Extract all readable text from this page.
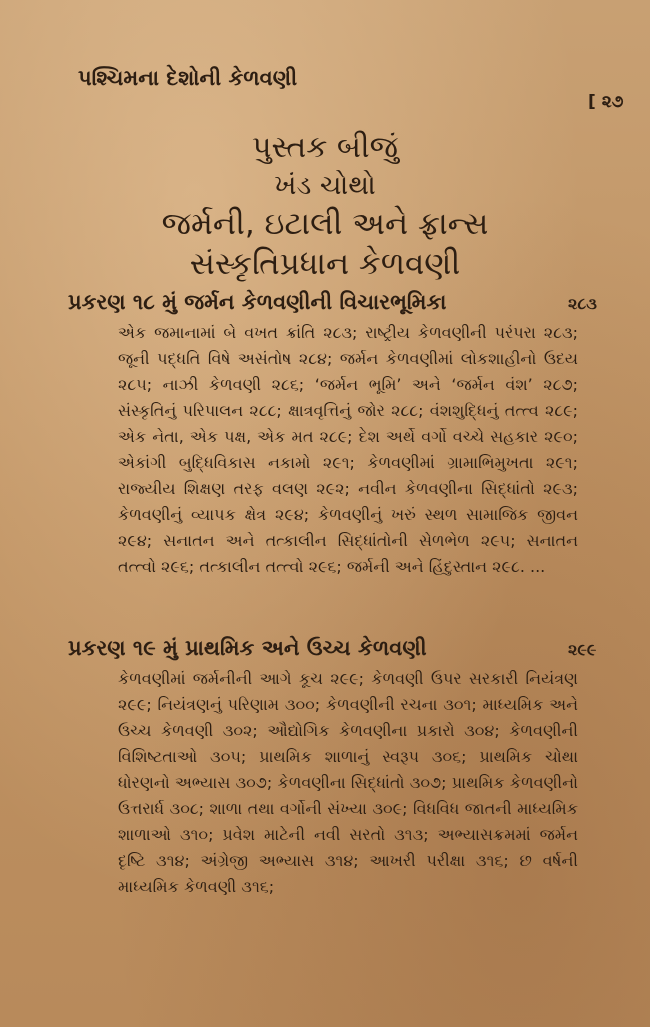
પશ્ચિમના દેશોની કેળવણી
[ ૨૭
પુસ્તક બીજું
ખંડ ચોથો
જર્મની, ઇટાલી અને ફ્રાન્સ
સંસ્કૃતિપ્રધાન કેળવણી
પ્રકરણ ૧૮ મું જર્મન કેળવણીની વિચારભૂમિકા	૨૮૩

એક જમાનામાં બે વખત ક્રાંતિ ૨૮૩; રાષ્ટ્રીય કેળવણીની પરંપરા ૨૮૩; જૂની પદ્ધતિ વિષે અસંતોષ ૨૮૪; જર્મન કેળવણીમાં લોકશાહીનો ઉદય ૨૮૫; નાઝી કેળવણી ૨૮૬; ‘જર્મન ભૂમિ’ અને ‘જર્મન વંશ’ ૨૮૭; સંસ્કૃતિનું પરિપાલન ૨૮૮; ક્ષાત્રવૃત્તિનું જોર ૨૮૮; વંશશુદ્ધિનું તત્ત્વ ૨૮૯; એક નેતા, એક પક્ષ, એક મત ૨૮૯; દેશ અર્થે વર્ગો વચ્ચે સહકાર ૨૯૦; એકાંગી બુદ્ધિવિકાસ નકામો ૨૯૧; કેળવણીમાં ગ્રામાભિમુખતા ૨૯૧; રાજ્યીય શિક્ષણ તરફ વલણ ૨૯૨; નવીન કેળવણીના સિદ્ધાંતો ૨૯૩; કેળવણીનું વ્યાપક ક્ષેત્ર ૨૯૪; કેળવણીનું ખરું સ્થળ સામાજિક જીવન ૨૯૪; સનાતન અને તત્કાલીન સિદ્ધાંતોની સેળભેળ ૨૯૫; સનાતન તત્ત્વો ૨૯૬; તત્કાલીન તત્ત્વો ૨૯૬; જર્મની અને હિંદુસ્તાન ૨૯૮. ...

પ્રકરણ ૧૯ મું પ્રાથમિક અને ઉચ્ચ કેળવણી	૨૯૯

કેળવણીમાં જર્મનીની આગે કૂચ ૨૯૯; કેળવણી ઉપર સરકારી નિયંત્રણ ૨૯૯; નિયંત્રણનું પરિણામ ૩૦૦; કેળવણીની રચના ૩૦૧; માધ્યમિક અને ઉચ્ચ કેળવણી ૩૦૨; ઔદ્યોગિક કેળવણીના પ્રકારો ૩૦૪; કેળવણીની વિશિષ્ટતાઓ ૩૦૫; પ્રાથમિક શાળાનું સ્વરૂપ ૩૦૬; પ્રાથમિક ચોથા ધોરણનો અભ્યાસ ૩૦૭; કેળવણીના સિદ્ધાંતો ૩૦૭; પ્રાથમિક કેળવણીનો ઉત્તરાર્ધ ૩૦૮; શાળા તથા વર્ગોની સંખ્યા ૩૦૯; વિધવિધ જાતની માધ્યમિક શાળાઓ ૩૧૦; પ્રવેશ માટેની નવી સરતો ૩૧૩; અભ્યાસક્રમમાં જર્મન દૃષ્ટિ ૩૧૪; અંગ્રેજી અભ્યાસ ૩૧૪; આખરી પરીક્ષા ૩૧૬; છ વર્ષની માધ્યમિક કેળવણી ૩૧૬;
